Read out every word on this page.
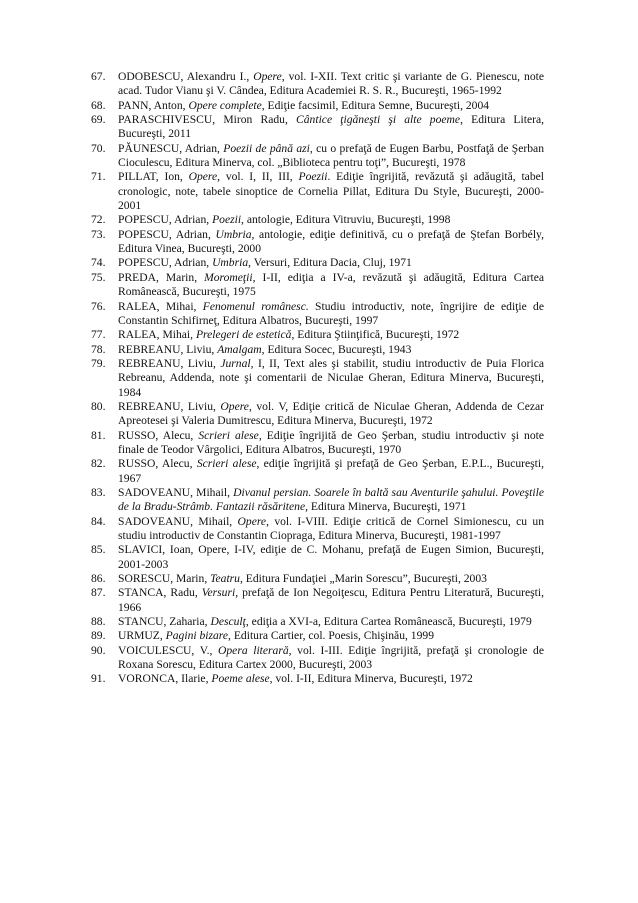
67.	ODOBESCU, Alexandru I., Opere, vol. I-XII. Text critic şi variante de G. Pienescu, note acad. Tudor Vianu şi V. Cândea, Editura Academiei R. S. R., Bucureşti, 1965-1992
68.	PANN, Anton, Opere complete, Ediţie facsimil, Editura Semne, Bucureşti, 2004
69.	PARASCHIVESCU, Miron Radu, Cântice ţigăneşti şi alte poeme, Editura Litera, Bucureşti, 2011
70.	PĂUNESCU, Adrian, Poezii de până azi, cu o prefaţă de Eugen Barbu, Postfaţă de Şerban Cioculescu, Editura Minerva, col. „Biblioteca pentru toţi”, Bucureşti, 1978
71.	PILLAT, Ion, Opere, vol. I, II, III, Poezii. Ediţie îngrijită, revăzută şi adăugită, tabel cronologic, note, tabele sinoptice de Cornelia Pillat, Editura Du Style, Bucureşti, 2000-2001
72.	POPESCU, Adrian, Poezii, antologie, Editura Vitruviu, Bucureşti, 1998
73.	POPESCU, Adrian, Umbria, antologie, ediţie definitivă, cu o prefaţă de Ştefan Borbély, Editura Vinea, Bucureşti, 2000
74.	POPESCU, Adrian, Umbria, Versuri, Editura Dacia, Cluj, 1971
75.	PREDA, Marin, Moromeţii, I-II, ediţia a IV-a, revăzută şi adăugită, Editura Cartea Românească, Bucureşti, 1975
76.	RALEA, Mihai, Fenomenul românesc. Studiu introductiv, note, îngrijire de ediţie de Constantin Schifirneţ, Editura Albatros, Bucureşti, 1997
77.	RALEA, Mihai, Prelegeri de estetică, Editura Ştiinţifică, Bucureşti, 1972
78.	REBREANU, Liviu, Amalgam, Editura Socec, Bucureşti, 1943
79.	REBREANU, Liviu, Jurnal, I, II, Text ales şi stabilit, studiu introductiv de Puia Florica Rebreanu, Addenda, note şi comentarii de Niculae Gheran, Editura Minerva, Bucureşti, 1984
80.	REBREANU, Liviu, Opere, vol. V, Ediţie critică de Niculae Gheran, Addenda de Cezar Apreotesei şi Valeria Dumitrescu, Editura Minerva, Bucureşti, 1972
81.	RUSSO, Alecu, Scrieri alese, Ediţie îngrijită de Geo Şerban, studiu introductiv şi note finale de Teodor Vârgolici, Editura Albatros, Bucureşti, 1970
82.	RUSSO, Alecu, Scrieri alese, ediţie îngrijită şi prefaţă de Geo Şerban, E.P.L., Bucureşti, 1967
83.	SADOVEANU, Mihail, Divanul persian. Soarele în baltă sau Aventurile şahului. Poveştile de la Bradu-Strâmb. Fantazii răsăritene, Editura Minerva, Bucureşti, 1971
84.	SADOVEANU, Mihail, Opere, vol. I-VIII. Ediţie critică de Cornel Simionescu, cu un studiu introductiv de Constantin Ciopraga, Editura Minerva, Bucureşti, 1981-1997
85.	SLAVICI, Ioan, Opere, I-IV, ediţie de C. Mohanu, prefaţă de Eugen Simion, Bucureşti, 2001-2003
86.	SORESCU, Marin, Teatru, Editura Fundaţiei „Marin Sorescu”, Bucureşti, 2003
87.	STANCA, Radu, Versuri, prefaţă de Ion Negoiţescu, Editura Pentru Literatură, Bucureşti, 1966
88.	STANCU, Zaharia, Desculţ, ediţia a XVI-a, Editura Cartea Românească, Bucureşti, 1979
89.	URMUZ, Pagini bizare, Editura Cartier, col. Poesis, Chişinău, 1999
90.	VOICULESCU, V., Opera literară, vol. I-III. Ediţie îngrijită, prefaţă şi cronologie de Roxana Sorescu, Editura Cartex 2000, Bucureşti, 2003
91.	VORONCA, Ilarie, Poeme alese, vol. I-II, Editura Minerva, Bucureşti, 1972
